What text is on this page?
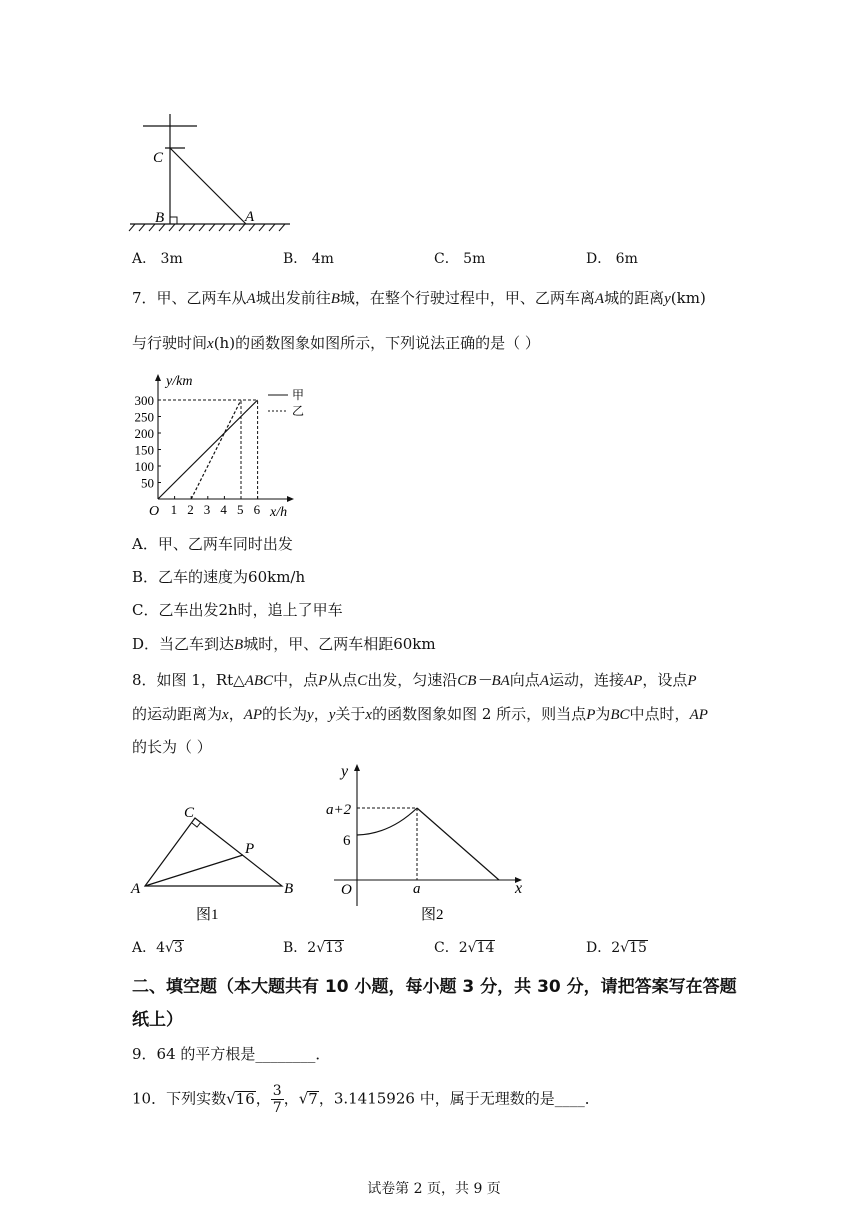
C
B	A
A． 3m	B． 4m	C． 5m	D． 6m
7．甲、乙两车从A城出发前往B城，在整个行驶过程中，甲、乙两车离A城的距离y(km)
与行驶时间x(h)的函数图象如图所示，下列说法正确的是（ ）
1 2 3 4 5 6
50
100
150
200
250
300
y/km
x/h
O
甲
乙
A．甲、乙两车同时出发
B．乙车的速度为60km/h
C．乙车出发2h时，追上了甲车
D．当乙车到达B城时，甲、乙两车相距60km
8．如图 1，Rt△ABC中，点P从点C出发，匀速沿CB－BA向点A运动，连接AP，设点P
的运动距离为x，AP的长为y，y关于x的函数图象如图 2 所示，则当点P为BC中点时，AP
的长为（ ）
C
P
A	B
图1
y
a+2
6
O	a	x
图2
A．4√3	B．2√13	C．2√14	D．2√15
二、填空题（本大题共有 10 小题，每小题 3 分，共 30 分，请把答案写在答题
纸上）
9．64 的平方根是________．
10．下列实数√16， $\frac{3}{7}$ ，√7，3.1415926 中，属于无理数的是____．
试卷第 2 页，共 9 页
